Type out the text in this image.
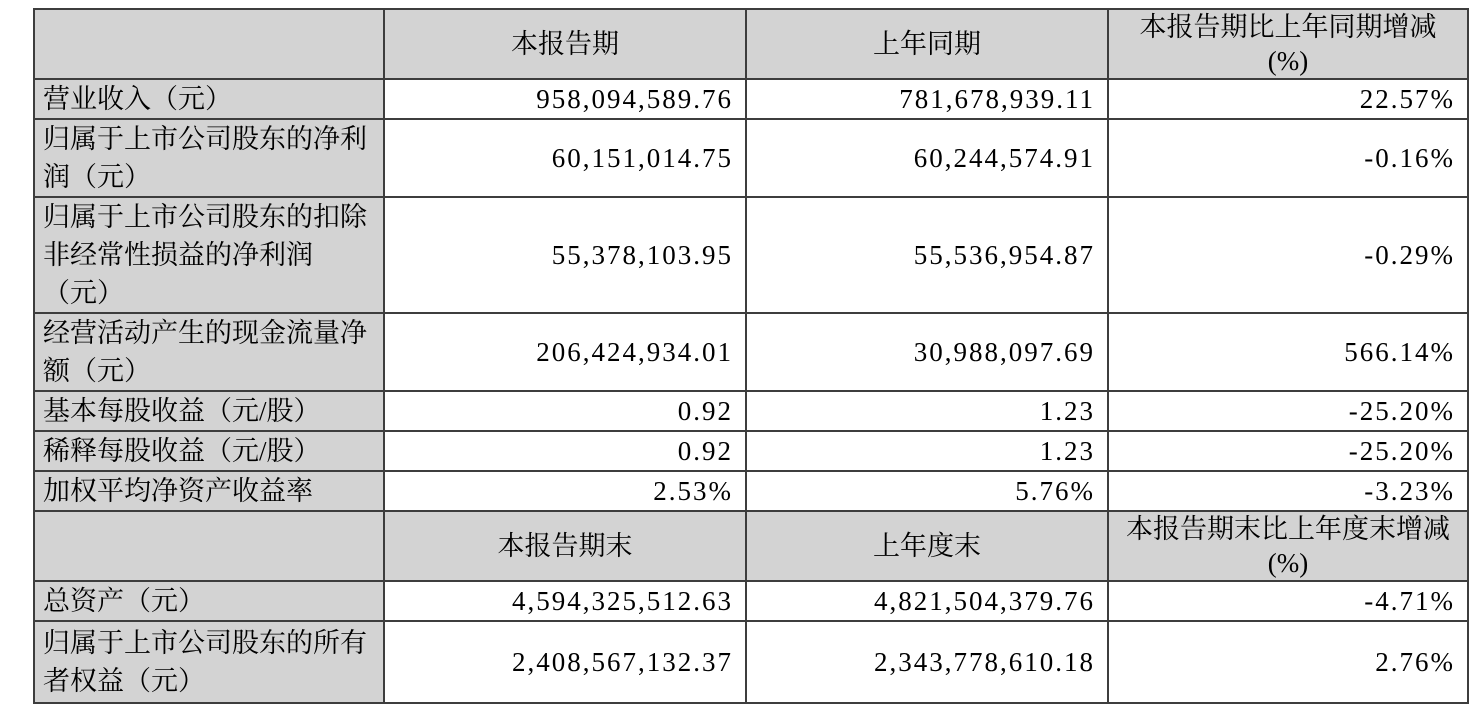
	本报告期	上年同期	本报告期比上年同期增减
(%)

营业收入（元）	958,094,589.76	781,678,939.11	22.57%
归属于上市公司股东的净利润（元）	60,151,014.75	60,244,574.91	-0.16%
归属于上市公司股东的扣除非经常性损益的净利润（元）	55,378,103.95	55,536,954.87	-0.29%
经营活动产生的现金流量净额（元）	206,424,934.01	30,988,097.69	566.14%
基本每股收益（元/股）	0.92	1.23	-25.20%
稀释每股收益（元/股）	0.92	1.23	-25.20%
加权平均净资产收益率	2.53%	5.76%	-3.23%
	本报告期末	上年度末	本报告期末比上年度末增减
(%)

总资产（元）	4,594,325,512.63	4,821,504,379.76	-4.71%
归属于上市公司股东的所有者权益（元）	2,408,567,132.37	2,343,778,610.18	2.76%
